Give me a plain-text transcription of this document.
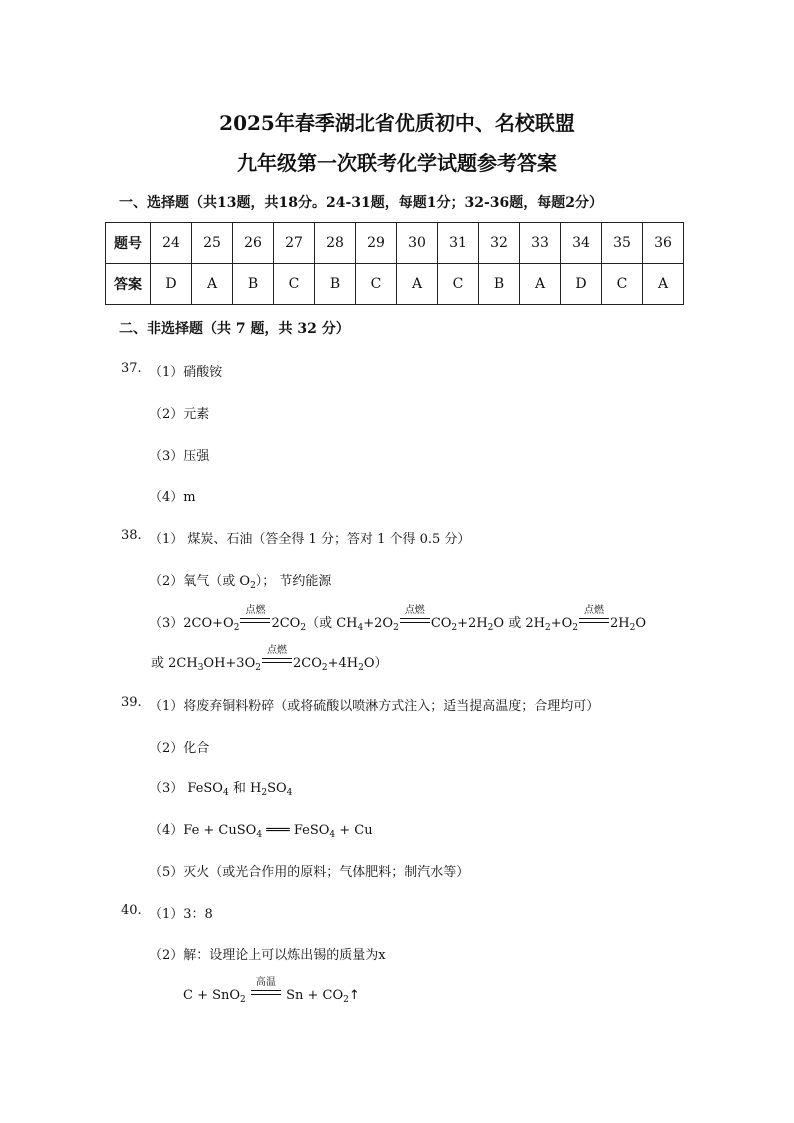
2025年春季湖北省优质初中、名校联盟
九年级第一次联考化学试题参考答案
一、选择题（共13题，共18分。24-31题，每题1分；32-36题，每题2分）
题号	24	25	26	27	28	29	30	31	32	33	34	35	36
答案	D	A	B	C	B	C	A	C	B	A	D	C	A
二、非选择题（共 7 题，共 32 分）
37. （1）硝酸铵
（2）元素
（3）压强
（4）m
38. （1） 煤炭、石油（答全得 1 分；答对 1 个得 0.5 分）
（2）氧气（或 $O_2$）； 节约能源
$(3)2CO+O_2$
点燃
$2CO_2$（或 $CH_4+2O_2$
点燃
$CO_2+2H_2O$ 或 $2H_2+O_2$
点燃
$2H_2O$
或 $2CH_3OH+3O_2$
点燃
$2CO_2+4H_2O$）
39. （1）将废弃铜料粉碎（或将硫酸以喷淋方式注入；适当提高温度；合理均可）
（2）化合
（3） FeSO$_4$ 和 $H_2SO_4$
（4）Fe + CuSO$_4$ ═══ FeSO$_4$ + Cu
（5）灭火（或光合作用的原料；气体肥料；制汽水等）
40. （1）3：8
（2）解：设理论上可以炼出锡的质量为x
C + SnO$_2$
高温
$Sn + CO_2↑$
